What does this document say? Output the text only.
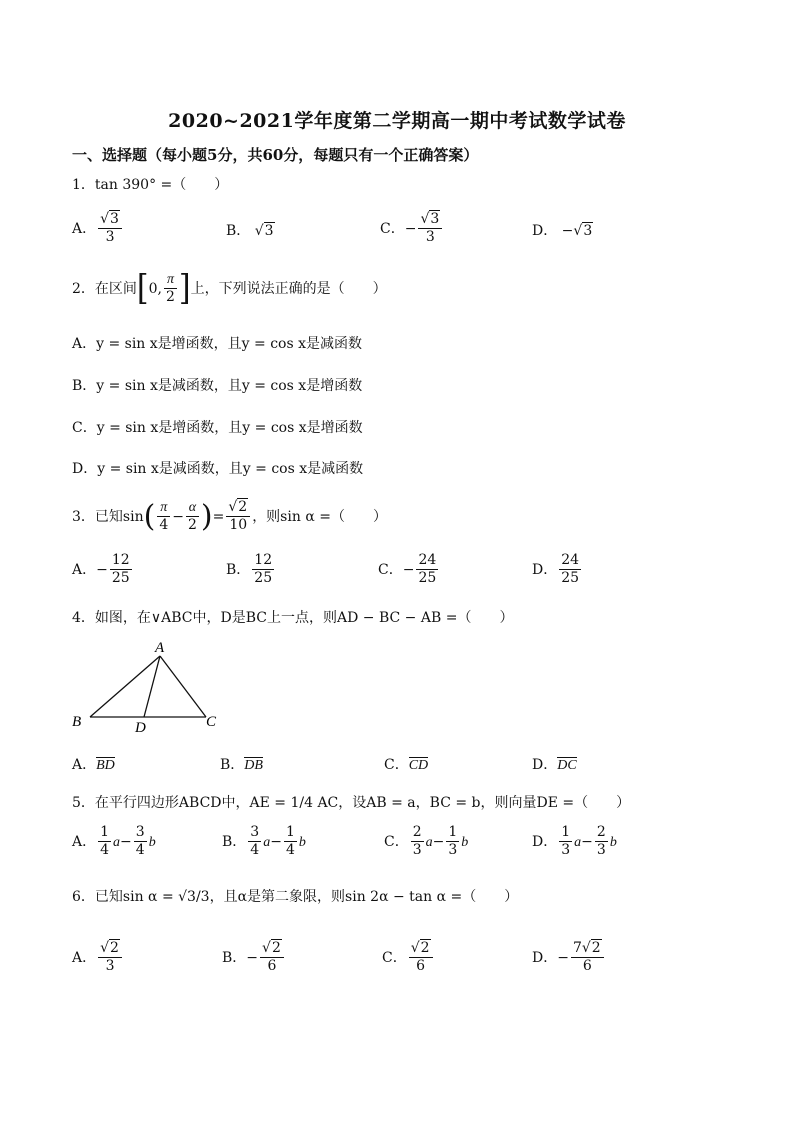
2020~2021学年度第二学期高一期中考试数学试卷
一、选择题（每小题5分，共60分，每题只有一个正确答案）
1．tan 390° =（　　）
A． $\frac{√3}{3}$	B． √3	C．− $\frac{√3}{3}$	D． −√3
2．在区间[0, $\frac{\pi}{2}$ ]上，下列说法正确的是（　　）
A．y = sin x是增函数，且y = cos x是减函数
B．y = sin x是减函数，且y = cos x是增函数
C．y = sin x是增函数，且y = cos x是增函数
D．y = sin x是减函数，且y = cos x是减函数
3．已知$\sin( \frac{\pi}{4} - \frac{\alpha}{2}$ )= $\frac{√2}{10}$ ，则sin α =（　　）
A．− $\frac{12}{25}$	B． $\frac{12}{25}$	C．− $\frac{24}{25}$	D． $\frac{24}{25}$
4．如图，在∨ABC中，D是BC上一点，则AD − BC − AB =（　　）
A
B	C
D
A．BD	B．DB	C．CD	D．DC
5．在平行四边形ABCD中，AE = 1/4 AC，设AB = a，BC = b，则向量DE =（　　）
A． $\frac{1}{4} a- \frac{3}{4}$ b	B． $\frac{3}{4} a- \frac{1}{4}$ b	C． $\frac{2}{3} a- \frac{1}{3}$ b	D． $\frac{1}{3} a- \frac{2}{3}$ b
6．已知sin α = √3/3，且α是第二象限，则sin 2α − tan α =（　　）
A． $\frac{√2}{3}$	B．− $\frac{√2}{6}$	C． $\frac{√2}{6}$	D．− $\frac{7√2}{6}$
